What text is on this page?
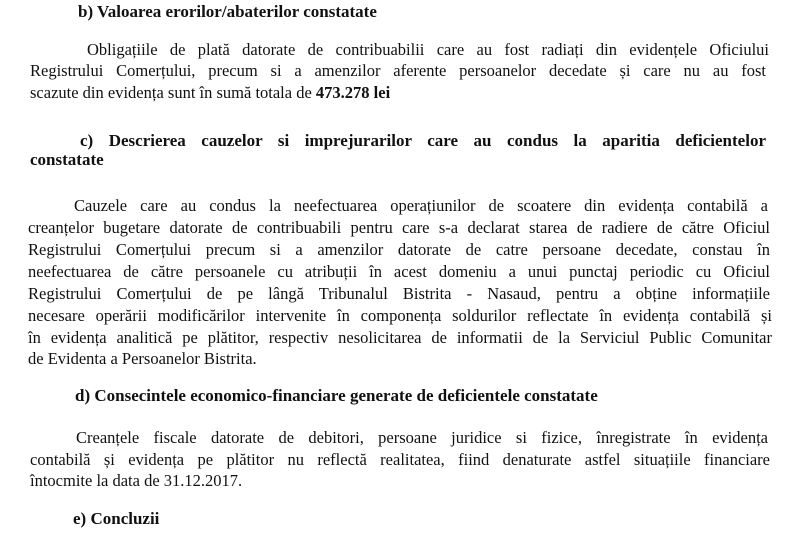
b) Valoarea erorilor/abaterilor constatate

Obligațiile de plată datorate de contribuabilii care au fost radiați din evidențele Oficiului

Registrului Comerțului, precum si a amenzilor aferente persoanelor decedate și care nu au fost

scazute din evidența sunt în sumă totala de 473.278 lei

c) Descrierea cauzelor si imprejurarilor care au condus la aparitia deficientelor

constatate

Cauzele care au condus la neefectuarea operațiunilor de scoatere din evidența contabilă a

creanțelor bugetare datorate de contribuabili pentru care s-a declarat starea de radiere de către Oficiul

Registrului Comerțului precum si a amenzilor datorate de catre persoane decedate, constau în

neefectuarea de către persoanele cu atribuții în acest domeniu a unui punctaj periodic cu Oficiul

Registrului Comerțului de pe lângă Tribunalul Bistrita - Nasaud, pentru a obține informațiile

necesare operării modificărilor intervenite în componența soldurilor reflectate în evidența contabilă și

în evidența analitică pe plătitor, respectiv nesolicitarea de informatii de la Serviciul Public Comunitar

de Evidenta a Persoanelor Bistrita.

d) Consecintele economico-financiare generate de deficientele constatate

Creanțele fiscale datorate de debitori, persoane juridice si fizice, înregistrate în evidența

contabilă și evidența pe plătitor nu reflectă realitatea, fiind denaturate astfel situațiile financiare

întocmite la data de 31.12.2017.

e) Concluzii
